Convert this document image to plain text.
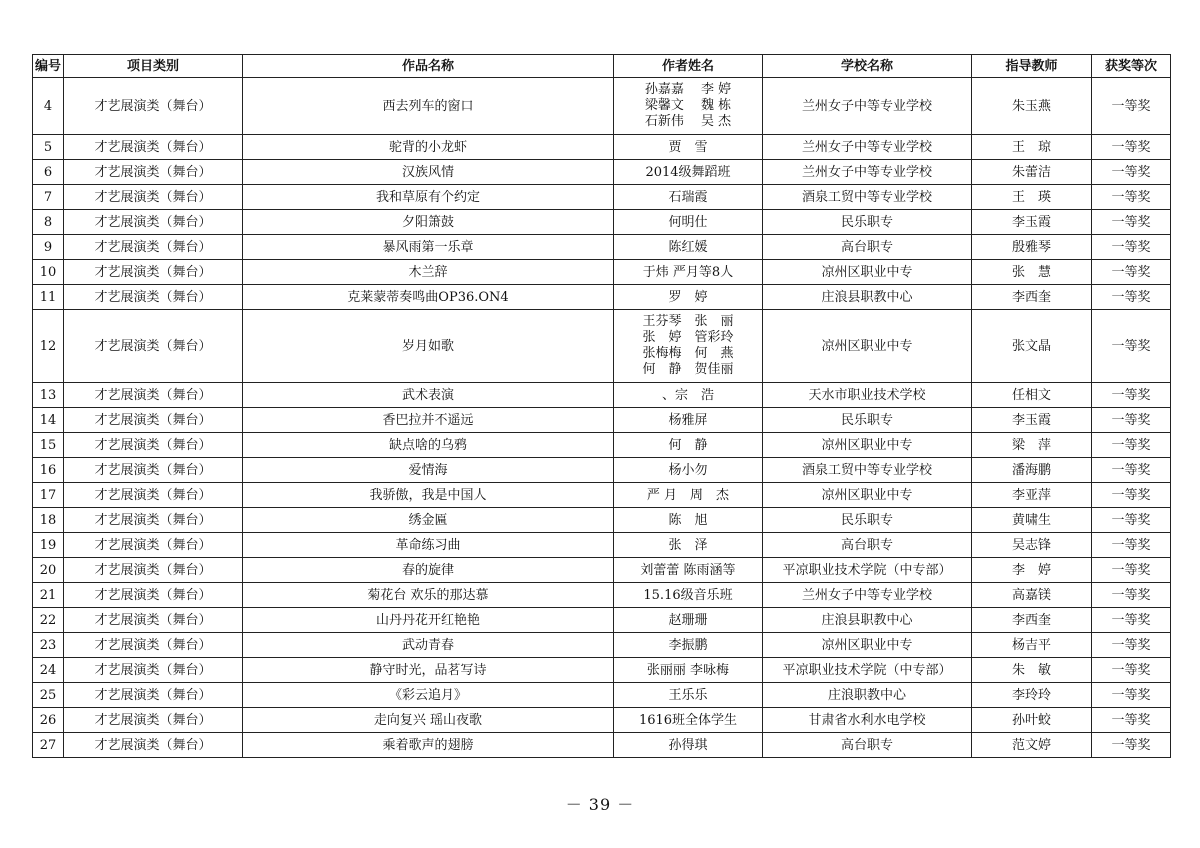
编号	项目类别	作品名称	作者姓名	学校名称	指导教师	获奖等次
4	才艺展演类（舞台）	西去列车的窗口	孙嘉嘉　 李 婷
梁馨文　 魏 栋
石新伟　 吴 杰	兰州女子中等专业学校	朱玉燕	一等奖
5	才艺展演类（舞台）	驼背的小龙虾	贾　雪	兰州女子中等专业学校	王　琼	一等奖
6	才艺展演类（舞台）	汉族风情	2014级舞蹈班	兰州女子中等专业学校	朱蕾洁	一等奖
7	才艺展演类（舞台）	我和草原有个约定	石瑞霞	酒泉工贸中等专业学校	王　瑛	一等奖
8	才艺展演类（舞台）	夕阳箫鼓	何明仕	民乐职专	李玉霞	一等奖
9	才艺展演类（舞台）	暴风雨第一乐章	陈红媛	高台职专	殷雅琴	一等奖
10	才艺展演类（舞台）	木兰辞	于炜 严月等8人	凉州区职业中专	张　慧	一等奖
11	才艺展演类（舞台）	克莱蒙蒂奏鸣曲OP36.ON4	罗　婷	庄浪县职教中心	李西奎	一等奖
12	才艺展演类（舞台）	岁月如歌	王芬琴　张　丽
张　婷　管彩玲
张梅梅　何　燕
何　静　贺佳丽	凉州区职业中专	张文晶	一等奖
13	才艺展演类（舞台）	武术表演	、宗　浩	天水市职业技术学校	任相文	一等奖
14	才艺展演类（舞台）	香巴拉并不遥远	杨雅屏	民乐职专	李玉霞	一等奖
15	才艺展演类（舞台）	缺点啥的乌鸦	何　静	凉州区职业中专	梁　萍	一等奖
16	才艺展演类（舞台）	爱情海	杨小勿	酒泉工贸中等专业学校	潘海鹏	一等奖
17	才艺展演类（舞台）	我骄傲，我是中国人	严 月　周　杰	凉州区职业中专	李亚萍	一等奖
18	才艺展演类（舞台）	绣金匾	陈　旭	民乐职专	黄啸生	一等奖
19	才艺展演类（舞台）	革命练习曲	张　泽	高台职专	吴志锋	一等奖
20	才艺展演类（舞台）	春的旋律	刘蕾蕾 陈雨涵等	平凉职业技术学院（中专部）	李　婷	一等奖
21	才艺展演类（舞台）	菊花台 欢乐的那达慕	15.16级音乐班	兰州女子中等专业学校	高嘉镁	一等奖
22	才艺展演类（舞台）	山丹丹花开红艳艳	赵珊珊	庄浪县职教中心	李西奎	一等奖
23	才艺展演类（舞台）	武动青春	李振鹏	凉州区职业中专	杨吉平	一等奖
24	才艺展演类（舞台）	静守时光，品茗写诗	张丽丽 李咏梅	平凉职业技术学院（中专部）	朱　敏	一等奖
25	才艺展演类（舞台）	《彩云追月》	王乐乐	庄浪职教中心	李玲玲	一等奖
26	才艺展演类（舞台）	走向复兴 瑶山夜歌	1616班全体学生	甘肃省水利水电学校	孙叶蛟	一等奖
27	才艺展演类（舞台）	乘着歌声的翅膀	孙得琪	高台职专	范文婷	一等奖
－ 39 －
